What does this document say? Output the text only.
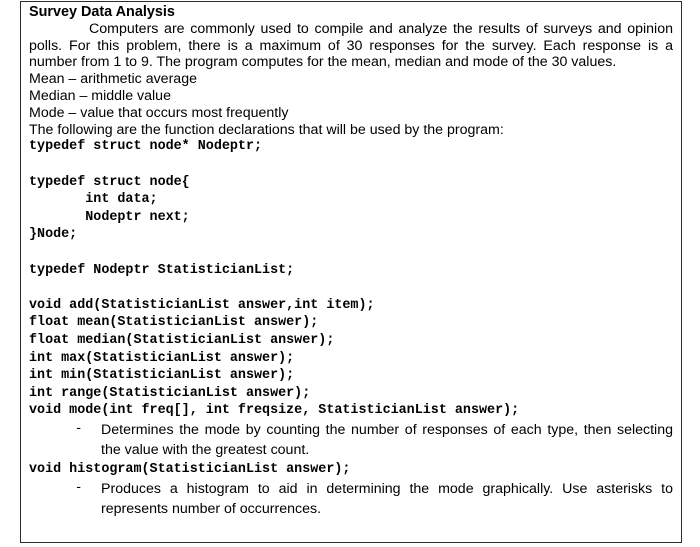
Survey Data Analysis
Computers are commonly used to compile and analyze the results of surveys and opinion polls. For this problem, there is a maximum of 30 responses for the survey. Each response is a number from 1 to 9. The program computes for the mean, median and mode of the 30 values.
Mean – arithmetic average
Median – middle value
Mode – value that occurs most frequently
The following are the function declarations that will be used by the program:
typedef struct node* Nodeptr;
typedef struct node{
int data;
Nodeptr next;
}Node;
typedef Nodeptr StatisticianList;
void add(StatisticianList answer,int item);
float mean(StatisticianList answer);
float median(StatisticianList answer);
int max(StatisticianList answer);
int min(StatisticianList answer);
int range(StatisticianList answer);
void mode(int freq[], int freqsize, StatisticianList answer);
-	Determines the mode by counting the number of responses of each type, then selecting the value with the greatest count.
void histogram(StatisticianList answer);
-	Produces a histogram to aid in determining the mode graphically. Use asterisks to represents number of occurrences.
